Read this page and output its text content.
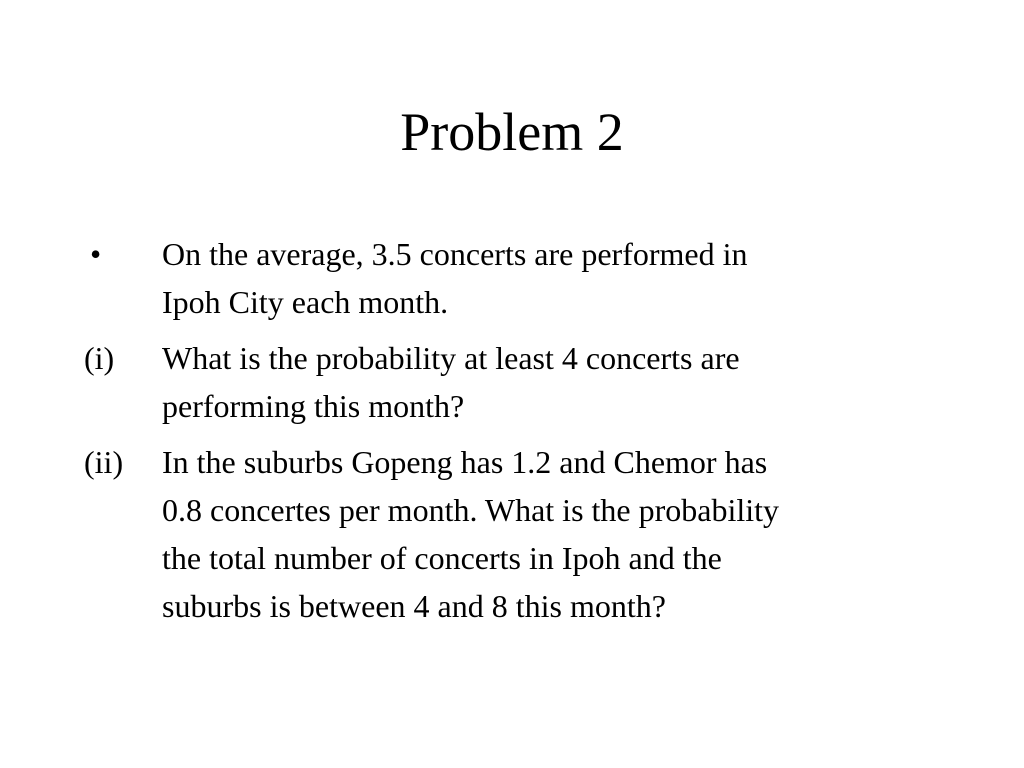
Problem 2
•	On the average, 3.5 concerts are performed in
Ipoh City each month.
(i)	What is the probability at least 4 concerts are
performing this month?
(ii)	In the suburbs Gopeng has 1.2 and Chemor has
0.8 concertes per month. What is the probability
the total number of concerts in Ipoh and the
suburbs is between 4 and 8 this month?
